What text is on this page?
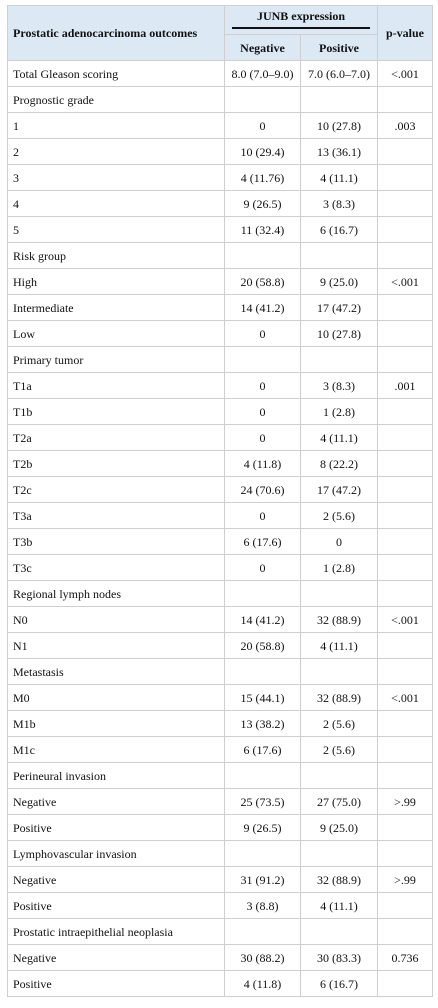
Prostatic adenocarcinoma outcomes	JUNB expression		p-value
	Negative	Positive	
Total Gleason scoring	8.0 (7.0–9.0)	7.0 (6.0–7.0)	<.001
Prognostic grade			
1	0	10 (27.8)	.003
2	10 (29.4)	13 (36.1)	
3	4 (11.76)	4 (11.1)	
4	9 (26.5)	3 (8.3)	
5	11 (32.4)	6 (16.7)	
Risk group			
High	20 (58.8)	9 (25.0)	<.001
Intermediate	14 (41.2)	17 (47.2)	
Low	0	10 (27.8)	
Primary tumor			
T1a	0	3 (8.3)	.001
T1b	0	1 (2.8)	
T2a	0	4 (11.1)	
T2b	4 (11.8)	8 (22.2)	
T2c	24 (70.6)	17 (47.2)	
T3a	0	2 (5.6)	
T3b	6 (17.6)	0	
T3c	0	1 (2.8)	
Regional lymph nodes			
N0	14 (41.2)	32 (88.9)	<.001
N1	20 (58.8)	4 (11.1)	
Metastasis			
M0	15 (44.1)	32 (88.9)	<.001
M1b	13 (38.2)	2 (5.6)	
M1c	6 (17.6)	2 (5.6)	
Perineural invasion			
Negative	25 (73.5)	27 (75.0)	>.99
Positive	9 (26.5)	9 (25.0)	
Lymphovascular invasion			
Negative	31 (91.2)	32 (88.9)	>.99
Positive	3 (8.8)	4 (11.1)	
Prostatic intraepithelial neoplasia			
Negative	30 (88.2)	30 (83.3)	0.736
Positive	4 (11.8)	6 (16.7)	
